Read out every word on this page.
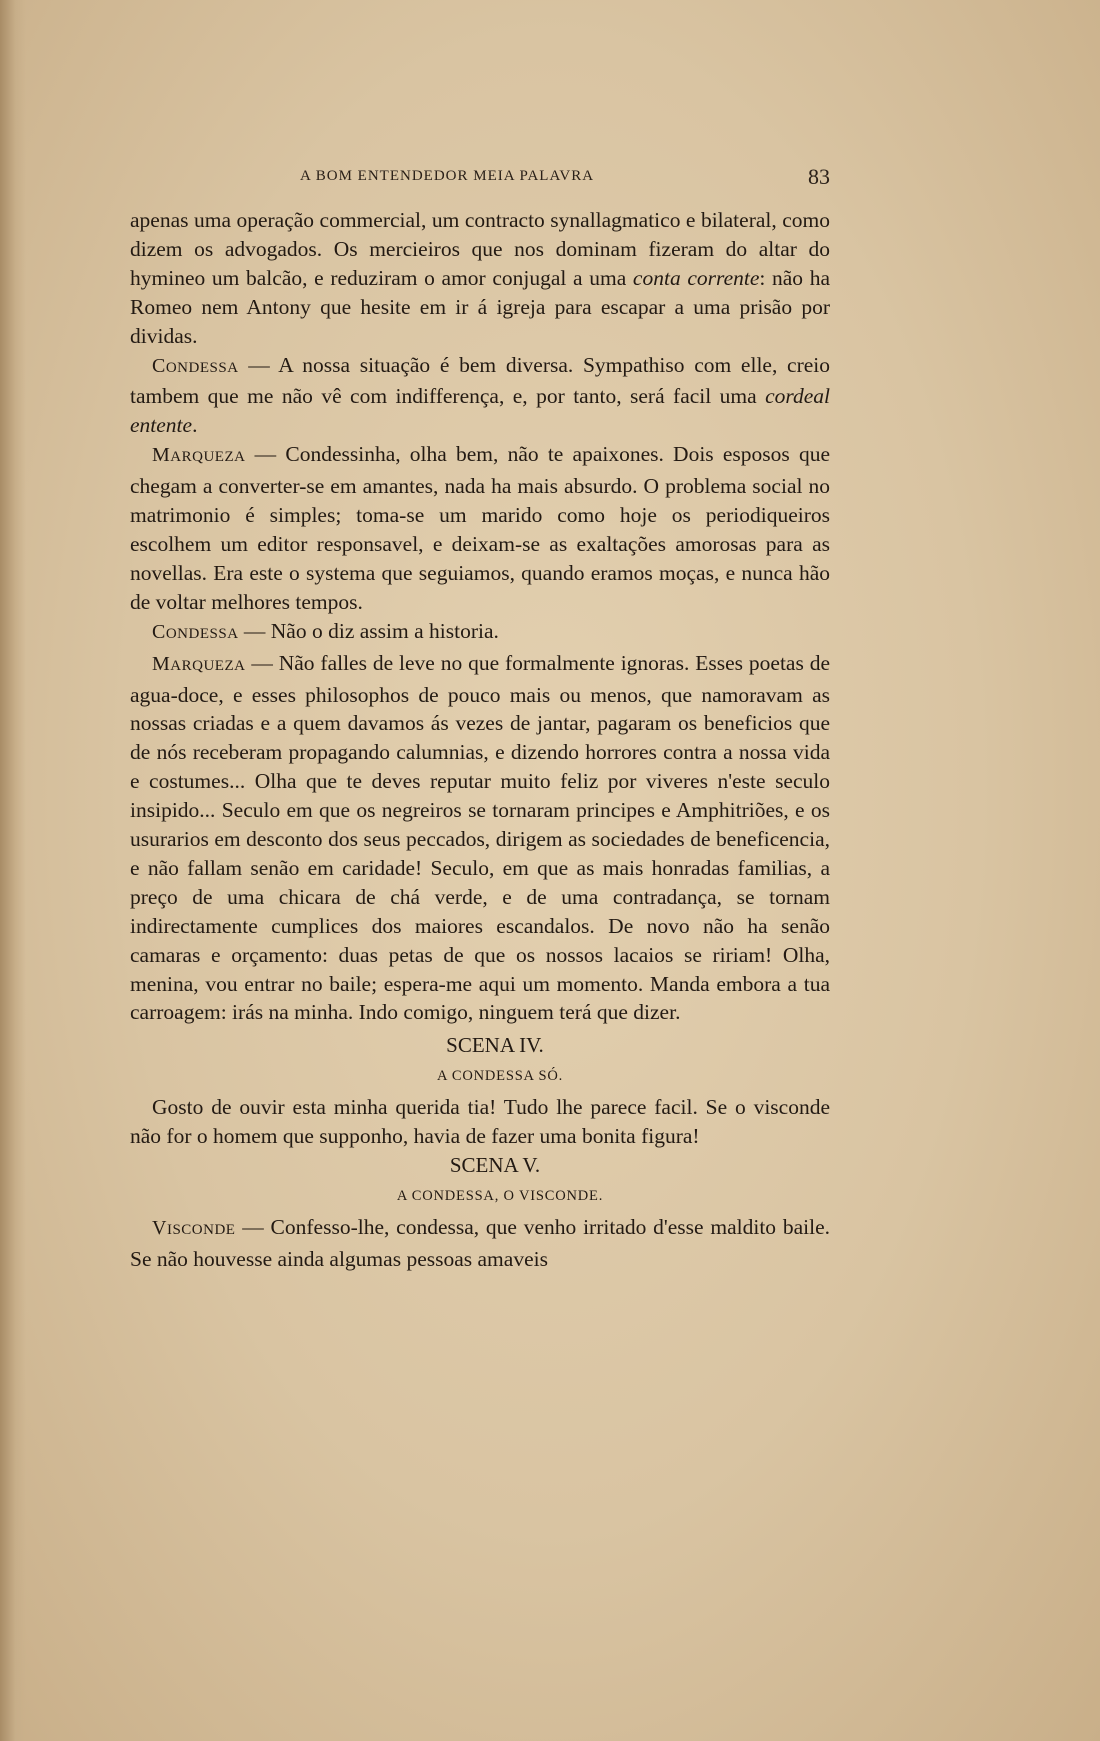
A BOM ENTENDEDOR MEIA PALAVRA	83

apenas uma operação commercial, um contracto synallagmatico e bilateral, como dizem os advogados. Os mercieiros que nos dominam fizeram do altar do hymineo um balcão, e reduziram o amor conjugal a uma conta corrente: não ha Romeo nem Antony que hesite em ir á igreja para escapar a uma prisão por dividas.

CONDESSA — A nossa situação é bem diversa. Sympathiso com elle, creio tambem que me não vê com indifferença, e, por tanto, será facil uma cordeal entente.

MARQUEZA — Condessinha, olha bem, não te apaixones. Dois esposos que chegam a converter-se em amantes, nada ha mais absurdo. O problema social no matrimonio é simples; toma-se um marido como hoje os periodiqueiros escolhem um editor responsavel, e deixam-se as exaltações amorosas para as novellas. Era este o systema que seguiamos, quando eramos moças, e nunca hão de voltar melhores tempos.

CONDESSA — Não o diz assim a historia.

MARQUEZA — Não falles de leve no que formalmente ignoras. Esses poetas de agua-doce, e esses philosophos de pouco mais ou menos, que namoravam as nossas criadas e a quem davamos ás vezes de jantar, pagaram os beneficios que de nós receberam propagando calumnias, e dizendo horrores contra a nossa vida e costumes... Olha que te deves reputar muito feliz por viveres n'este seculo insipido... Seculo em que os negreiros se tornaram principes e Amphitriões, e os usurarios em desconto dos seus peccados, dirigem as sociedades de beneficencia, e não fallam senão em caridade! Seculo, em que as mais honradas familias, a preço de uma chicara de chá verde, e de uma contradança, se tornam indirectamente cumplices dos maiores escandalos. De novo não ha senão camaras e orçamento: duas petas de que os nossos lacaios se ririam! Olha, menina, vou entrar no baile; espera-me aqui um momento. Manda embora a tua carroagem: irás na minha. Indo comigo, ninguem terá que dizer.

SCENA IV.

A CONDESSA SÓ.

Gosto de ouvir esta minha querida tia! Tudo lhe parece facil. Se o visconde não for o homem que supponho, havia de fazer uma bonita figura!

SCENA V.

A CONDESSA, O VISCONDE.

VISCONDE — Confesso-lhe, condessa, que venho irritado d'esse maldito baile. Se não houvesse ainda algumas pessoas amaveis
